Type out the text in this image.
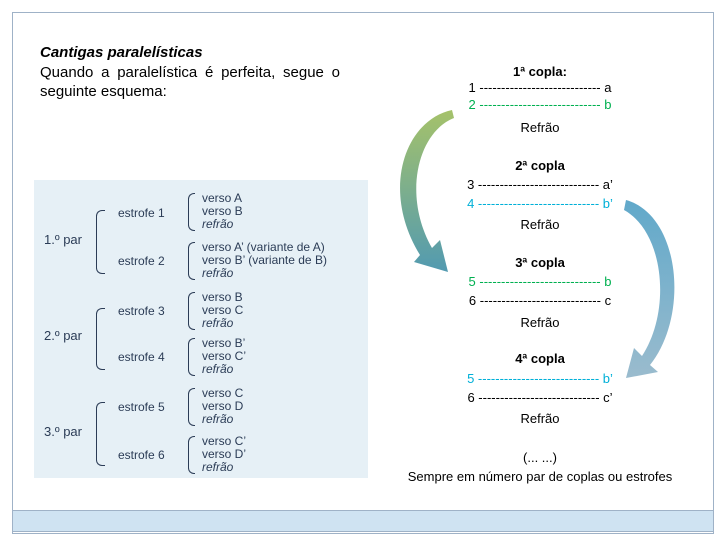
Cantigas paralelísticas
Quando a paralelística é perfeita, segue o seguinte esquema:
1.º par
estrofe 1
verso A
verso B
refrão
estrofe 2
verso A’ (variante de A)
verso B’ (variante de B)
refrão
2.º par
estrofe 3
verso B
verso C
refrão
estrofe 4
verso B’
verso C’
refrão
3.º par
estrofe 5
verso C
verso D
refrão
estrofe 6
verso C’
verso D’
refrão
1ª copla:
1 ---------------------------- a
2 ---------------------------- b
Refrão
2ª copla
3 ---------------------------- a’
4 ---------------------------- b’
Refrão
3ª copla
5 ---------------------------- b
6 ---------------------------- c
Refrão
4ª copla
5 ---------------------------- b’
6 ---------------------------- c’
Refrão
(... ...)
Sempre em número par de coplas ou estrofes
